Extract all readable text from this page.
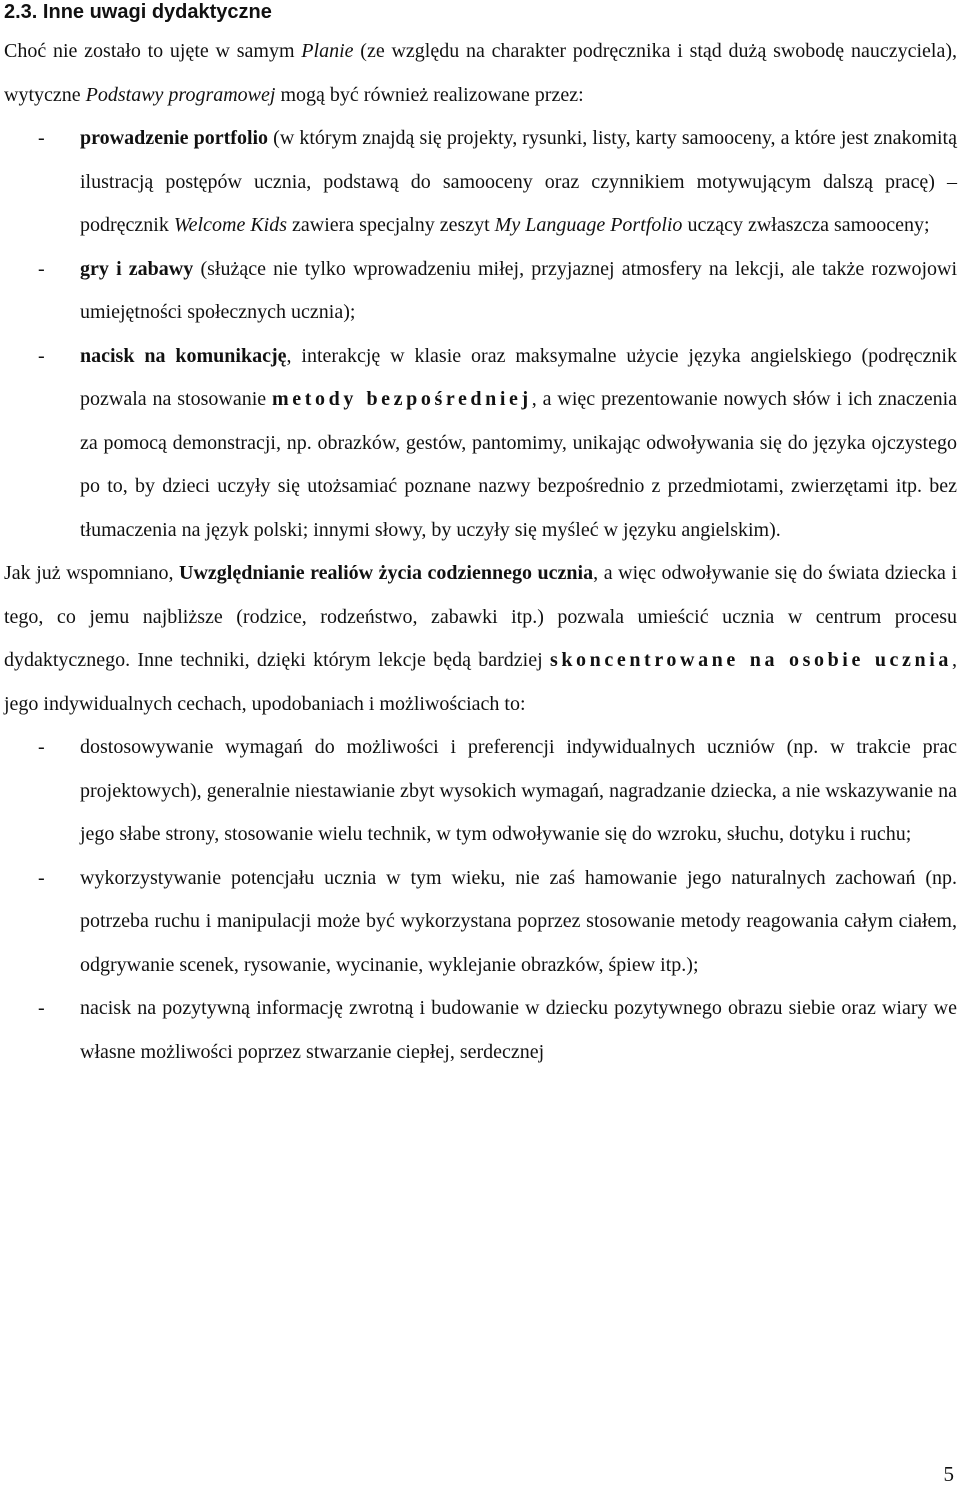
2.3. Inne uwagi dydaktyczne

Choć nie zostało to ujęte w samym Planie (ze względu na charakter podręcznika i stąd dużą swobodę nauczyciela), wytyczne Podstawy programowej mogą być również realizowane przez:

- prowadzenie portfolio (w którym znajdą się projekty, rysunki, listy, karty samooceny, a które jest znakomitą ilustracją postępów ucznia, podstawą do samooceny oraz czynnikiem motywującym dalszą pracę) – podręcznik Welcome Kids zawiera specjalny zeszyt My Language Portfolio uczący zwłaszcza samooceny;
- gry i zabawy (służące nie tylko wprowadzeniu miłej, przyjaznej atmosfery na lekcji, ale także rozwojowi umiejętności społecznych ucznia);
- nacisk na komunikację, interakcję w klasie oraz maksymalne użycie języka angielskiego (podręcznik pozwala na stosowanie metody bezpośredniej, a więc prezentowanie nowych słów i ich znaczenia za pomocą demonstracji, np. obrazków, gestów, pantomimy, unikając odwoływania się do języka ojczystego po to, by dzieci uczyły się utożsamiać poznane nazwy bezpośrednio z przedmiotami, zwierzętami itp. bez tłumaczenia na język polski; innymi słowy, by uczyły się myśleć w języku angielskim).

Jak już wspomniano, Uwzględnianie realiów życia codziennego ucznia, a więc odwoływanie się do świata dziecka i tego, co jemu najbliższe (rodzice, rodzeństwo, zabawki itp.) pozwala umieścić ucznia w centrum procesu dydaktycznego. Inne techniki, dzięki którym lekcje będą bardziej skoncentrowane na osobie ucznia, jego indywidualnych cechach, upodobaniach i możliwościach to:

- dostosowywanie wymagań do możliwości i preferencji indywidualnych uczniów (np. w trakcie prac projektowych), generalnie niestawianie zbyt wysokich wymagań, nagradzanie dziecka, a nie wskazywanie na jego słabe strony, stosowanie wielu technik, w tym odwoływanie się do wzroku, słuchu, dotyku i ruchu;
- wykorzystywanie potencjału ucznia w tym wieku, nie zaś hamowanie jego naturalnych zachowań (np. potrzeba ruchu i manipulacji może być wykorzystana poprzez stosowanie metody reagowania całym ciałem, odgrywanie scenek, rysowanie, wycinanie, wyklejanie obrazków, śpiew itp.);
- nacisk na pozytywną informację zwrotną i budowanie w dziecku pozytywnego obrazu siebie oraz wiary we własne możliwości poprzez stwarzanie ciepłej, serdecznej
5
